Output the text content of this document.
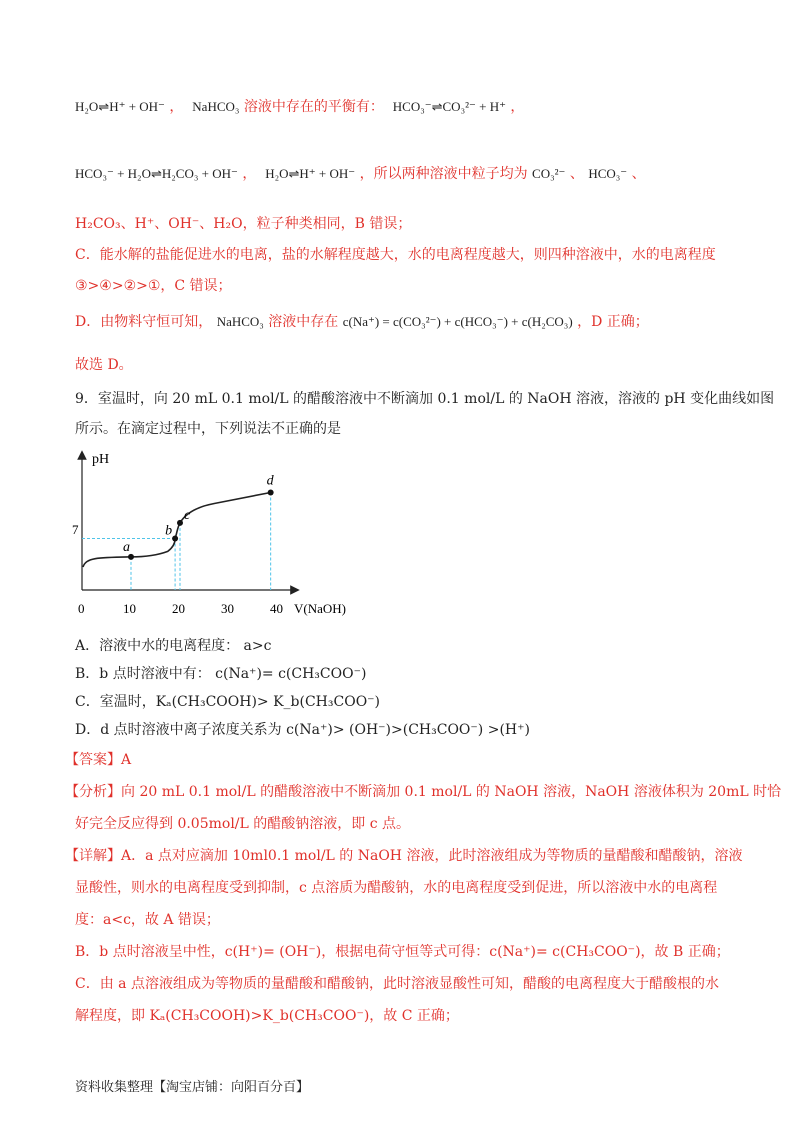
H₂O⇌H⁺ + OH⁻ ， NaHCO₃ 溶液中存在的平衡有： HCO₃⁻⇌CO₃²⁻ + H⁺ ，
HCO₃⁻ + H₂O⇌H₂CO₃ + OH⁻ ， H₂O⇌H⁺ + OH⁻ ，所以两种溶液中粒子均为 CO₃²⁻ 、 HCO₃⁻ 、
H₂CO₃、H⁺、OH⁻、H₂O，粒子种类相同，B 错误；
C．能水解的盐能促进水的电离，盐的水解程度越大，水的电离程度越大，则四种溶液中，水的电离程度
③>④>②>①，C 错误；
D．由物料守恒可知， NaHCO₃ 溶液中存在 c(Na⁺) = c(CO₃²⁻) + c(HCO₃⁻) + c(H₂CO₃) ，D 正确；
故选 D。
9．室温时，向 20 mL 0.1 mol/L 的醋酸溶液中不断滴加 0.1 mol/L 的 NaOH 溶液，溶液的 pH 变化曲线如图
所示。在滴定过程中，下列说法不正确的是
pH
V(NaOH)
0	10	20	30	40
7
a
b
c
d
A．溶液中水的电离程度： a>c
B．b 点时溶液中有： c(Na⁺)= c(CH₃COO⁻)
C．室温时，Kₐ(CH₃COOH)> K_b(CH₃COO⁻)
D．d 点时溶液中离子浓度关系为 c(Na⁺)> (OH⁻)>(CH₃COO⁻) >(H⁺)
【答案】A
【分析】向 20 mL 0.1 mol/L 的醋酸溶液中不断滴加 0.1 mol/L 的 NaOH 溶液，NaOH 溶液体积为 20mL 时恰
好完全反应得到 0.05mol/L 的醋酸钠溶液，即 c 点。
【详解】A．a 点对应滴加 10ml0.1 mol/L 的 NaOH 溶液，此时溶液组成为等物质的量醋酸和醋酸钠，溶液
显酸性，则水的电离程度受到抑制，c 点溶质为醋酸钠，水的电离程度受到促进，所以溶液中水的电离程
度：a<c，故 A 错误；
B．b 点时溶液呈中性，c(H⁺)= (OH⁻)，根据电荷守恒等式可得：c(Na⁺)= c(CH₃COO⁻)，故 B 正确；
C．由 a 点溶液组成为等物质的量醋酸和醋酸钠，此时溶液显酸性可知，醋酸的电离程度大于醋酸根的水
解程度，即 Kₐ(CH₃COOH)>K_b(CH₃COO⁻)，故 C 正确；
资料收集整理【淘宝店铺：向阳百分百】
